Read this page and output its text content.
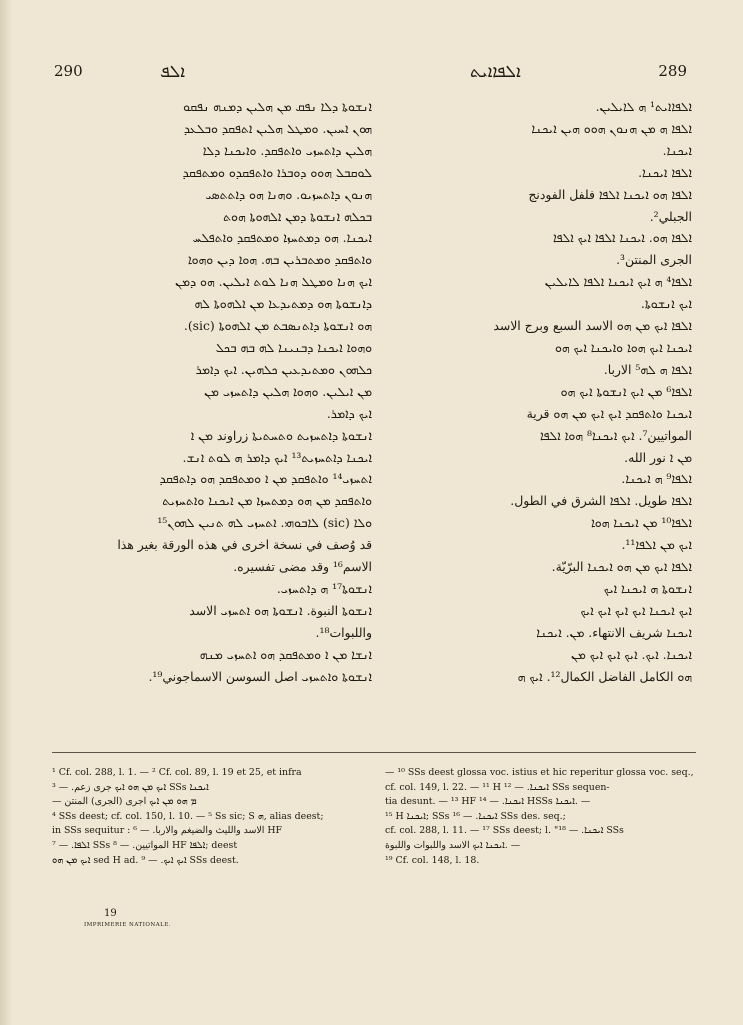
290	ܐܠܦ	ܐܠܦܐܐܝܬ	289
ܐܢܫܘܬܐ ܕܠܐ ܢܦܩ ܡܢ ܗܠܝܢ ܕܡܢܗ ܢܦܩܘ
ܗܘܢ ܐܚܝܢ. ܘܡܛܠ ܗܠܝܢ ܐܬܦܩܕ ܘܒܠܥܕ
ܗܠܝܢ ܕܐܬܚܙܝ ܘܐܬܦܩܕ. ܘܐܝܟܢܐ ܕܠܐ
ܠܘܩܒܠ ܗܘܘ ܕܘܒܪܐ ܘܐܬܦܩܕܘ ܘܡܬܦܩܕ
ܗܢܘܢ ܕܐܬܚܙܝܘ. ܘܗܢܐ ܗܘ ܕܐܬܬܣܝ
ܒܟܠܗ ܐܢܫܘܬܐ ܕܡܢ ܐܠܗܘܬܐ ܗܘܬ
ܐܝܟܢܐ. ܗܘ ܕܡܬܚܙܐ ܘܡܬܦܩܕ ܘܐܬܦܠܚ
ܘܐܬܦܩܕ ܘܡܬܒܪܝܢ ܒܗ. ܗܘܐ ܕܝܢ ܘܗܘܐ
ܐܝܟ ܗܢܐ ܘܡܛܠ ܗܢܐ ܠܘܬ ܐܝܠܝܢ. ܗܘ ܕܡܢ
ܕܐܢܫܘܬܐ ܗܘ ܕܡܬܝܕܥܐ ܡܢ ܐܠܗܘܬܐ ܠܗ
ܗܘ ܐܢܫܘܬܐ ܕܐܬܢܣܒܬ ܡܢ ܐܠܗܘܬܐ (sic).
ܘܗܘܐ ܐܝܟܢܐ ܕܒܢܝܢܐ ܠܗ ܒܗ ܒܟܠ
ܟܠܗܘܢ ܘܡܬܝܕܥܝܢ ܟܠܗܝܢ. ܐܝܟ ܕܐܡܪ
ܡܢ ܐܝܠܝܢ. ܘܗܘܐ ܗܠܝܢ ܕܐܬܚܙܝ ܡܢ
ܐܝܟ ܕܐܡܪ.
ܐܢܫܘܬܐ ܕܐܬܚܙܝܬ ܘܬܚܬܝܬܐ زراوند ܡܢ ܐ
ܐܝܟܢܐ ܕܐܬܚܙܝܬ¹³ ܐܝܟ ܕܐܡܪ ܗ ܠܘܬ ܐܢܫ.
ܐܬܚܙܝ¹⁴ ܘܐܬܦܩܕ ܡܢ ܐ ܘܡܬܦܩܕ ܗܘ ܕܐܬܦܩܕ
ܘܐܬܦܩܕ ܡܢ ܗܘ ܕܡܬܚܙܐ ܡܢ ܐܝܟܢܐ ܘܐܬܚܙܝܬ
ܘܠܐ (sic) ܠܐܒܘܗܝ. ܐܬܚܙܝ ܠܗ ܬܢܝܢ ܠܗܘܢ¹⁵
قد وُصف في نسخة اخرى في هذه الورقة بغير هذا
الاسم¹⁶ وقد مضى تفسيره.
ܐܢܫܘܬܐ¹⁷ ܗ ܕܐܬܚܙܝ.
ܐܢܫܘܬܐ النبوة. ܐܢܫܘܬܐ ܗܘ ܐܬܚܙܝ الاسد
واللبوات¹⁸.
ܐܢܫܐ ܡܢ ܐ ܘܡܬܦܩܕ ܗܘ ܐܬܚܙܝ ܡܢܗ
ܐܢܫܘܬܐ ܘܐܬܚܙܝ اصل السوسن الاسماجوني¹⁹.
ܐܠܦܐܐܝܬ¹ ܗ ܠܐܝܠܝܢ.
ܐܠܦܐ ܗ ܡܢ ܗܢܘܢ ܗܘܘ ܗܝܢ ܐܝܟܢܐ
ܐܝܟܢܐ.
ܐܠܦܐ ܐܝܟܢܐ.
ܐܠܦܐ ܗܘ ܐܝܟܢܐ ܐܠܦܐ فلفل الفودنج
الجبلي².
ܐܠܦܐ ܗܘ. ܐܝܟܢܐ ܐܠܦܐ ܐܝܟ ܐܠܦܐ
الجرى المنتن³.
ܐܠܦܐ⁴ ܗ ܐܝܟ ܐܝܟܢܐ ܐܠܦܐ ܠܐܝܠܝܢ
ܐܝܟ ܐܢܫܘܬܐ.
ܐܠܦܐ ܐܝܟ ܡܢ ܗܘ الاسد السبع وبرج الاسد
ܐܝܟܢܐ ܐܝܟ ܗܘܐ ܘܐܝܟܢܐ ܐܝܟ ܗܘ
ܐܠܦܐ ܗ ܠܗ⁵ الاربا.
ܐܠܦܐ⁶ ܡܢ ܐܝܟ ܐܢܫܘܬܐ ܐܝܟ ܗܘ
ܐܝܟܢܐ ܘܐܬܦܩܕ ܐܝܟ ܐܝܟ ܡܢ ܗܘ قرية
المواتيين⁷. ܐܝܟ ܐܝܟܢܐ⁸ ܗܘܐ ܐܠܦܐ
ܡܢ ܐ نور الله.
ܐܠܦܐ⁹ ܗ ܐܝܟܢܐ.
ܐܠܦܐ طويل. ܐܠܦܐ الشرق في الطول.
ܐܠܦܐ¹⁰ ܡܢ ܐܝܟܢܐ ܗܘܐ
ܐܝܟ ܡܢ ܐܠܦܐ¹¹.
ܐܠܦܐ ܐܝܟ ܡܢ ܗܘ ܐܝܟܢܐ البرّيّة.
ܐܢܫܘܬܐ ܗ ܐܝܟܢܐ ܐܝܟ
ܐܝܟ ܐܝܟܢܐ ܐܝܟ ܐܝܟ ܐܝܟ ܐܝܟ
ܐܝܟܢܐ شريف الانتهاء. ܡܢ. ܐܝܟܢܐ
ܐܝܟܢܐ. ܐܝܟ. ܐܝܟ ܐܝܟ ܐܝܟ ܡܢ
ܗܘ الكامل الفاضل الكمال¹². ܐܝܟ ܗ
¹ Cf. col. 288, l. 1. — ² Cf. col. 89, l. 19 et 25, et infra
ܐܝܟ ܡܢ ܗܘ ܐܝܟ جرى زعم. — ³ SSs ܐܝܟܢܐ
— ܡ ܗܘ ܡܢ ܐܝܟ اجرى (الجرى) المنتن
⁴ SSs deest; cf. col. 150, l. 10. — ⁵ Ss sic; S ܗ, alias deest;
in SSs sequitur : الاسد والليث والضيغم والاربا. — ⁶ HF
ܐܠܦܐ. — ⁷ SSs المواتيين. — ⁸ HF ܐܠܦܐ; deest
ܐܝܟ ܡܢ ܗܘ sed H ad. ܐܝܟ ܐܝܟ. — ⁹ SSs deest.
— ¹⁰ SSs deest glossa voc. istius et hic reperitur glossa voc. seq.,
cf. col. 149, l. 22. — ¹¹ H ܐܝܟܢܐ. — ¹² SSs sequen-
tia desunt. — ¹³ HF ܐܝܟܢܐ. — ¹⁴ HSSs ܐܝܟܢܐ. —
¹⁵ H ܐܝܟܢܐ; SSs ܐܝܟܢܐ. — ¹⁶ SSs des. seq.;
cf. col. 288, l. 11. — ¹⁷ SSs deest; l. "ܐܝܟܢܐ. — ¹⁸ SSs
ܐܝܟܢܐ ܐܝܟ الاسد واللبوات واللبوة. —
¹⁹ Cf. col. 148, l. 18.
19
IMPRIMERIE NATIONALE.
